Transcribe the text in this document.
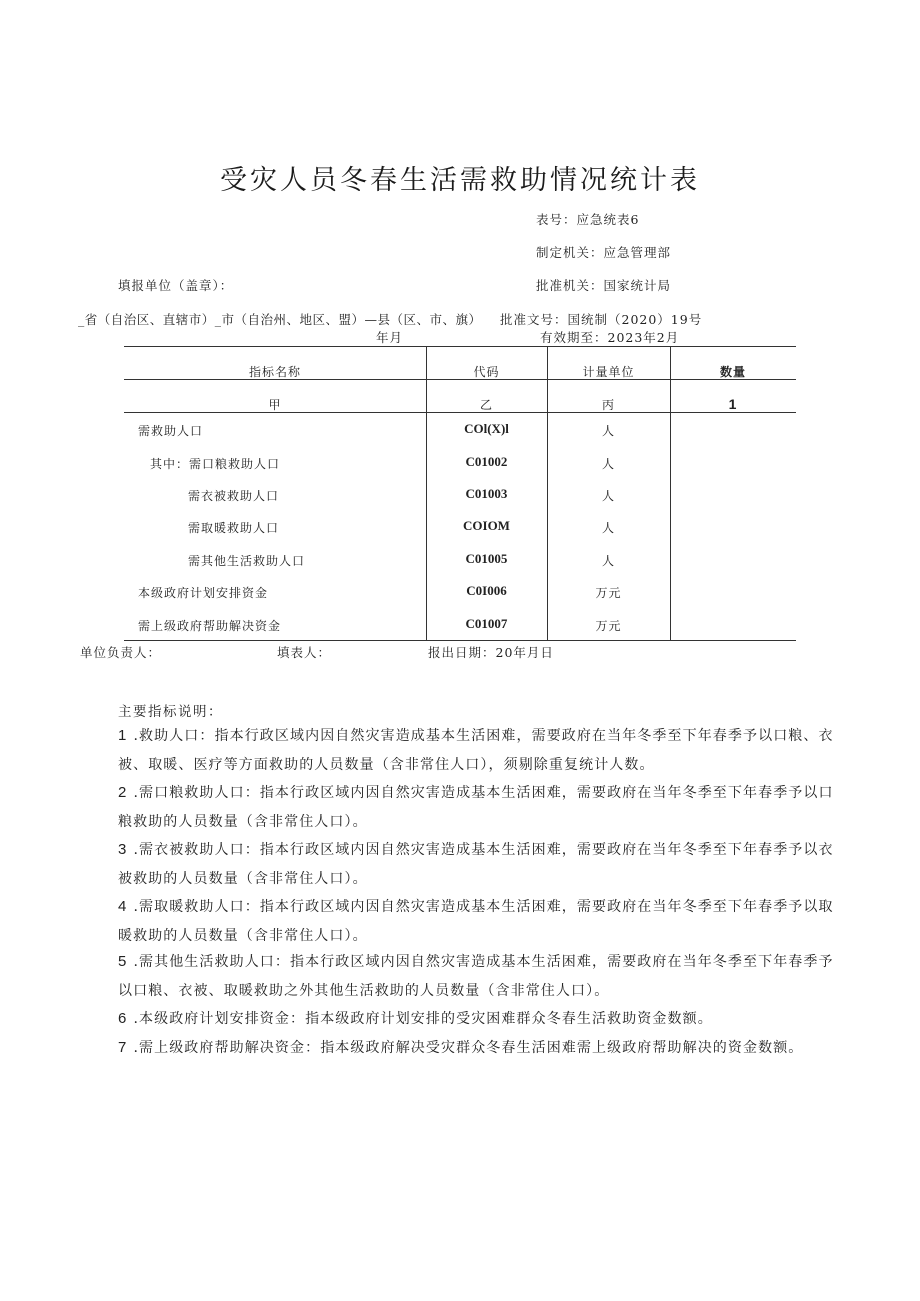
受灾人员冬春生活需救助情况统计表
表号：应急统表6
制定机关：应急管理部
填报单位（盖章）：	批准机关：国家统计局
_省（自治区、直辖市）_市（自治州、地区、盟）—县（区、市、旗） 批准文号：国统制（2020）19号
年月	有效期至：2023年2月
指标名称	代码	计量单位	数量
甲	乙	丙	1
需救助人口	COl(X)l	人
其中：需口粮救助人口	C01002	人
需衣被救助人口	C01003	人
需取暖救助人口	COIOM	人
需其他生活救助人口	C01005	人
本级政府计划安排资金	C0I006	万元
需上级政府帮助解决资金	C01007	万元
单位负责人：	填表人：	报出日期：20年月日
主要指标说明：
1 .救助人口：指本行政区域内因自然灾害造成基本生活困难，需要政府在当年冬季至下年春季予以口粮、衣被、取暖、医疗等方面救助的人员数量（含非常住人口），须剔除重复统计人数。
2 .需口粮救助人口：指本行政区域内因自然灾害造成基本生活困难，需要政府在当年冬季至下年春季予以口粮救助的人员数量（含非常住人口）。
3 .需衣被救助人口：指本行政区域内因自然灾害造成基本生活困难，需要政府在当年冬季至下年春季予以衣被救助的人员数量（含非常住人口）。
4 .需取暖救助人口：指本行政区域内因自然灾害造成基本生活困难，需要政府在当年冬季至下年春季予以取暖救助的人员数量（含非常住人口）。
5 .需其他生活救助人口：指本行政区域内因自然灾害造成基本生活困难，需要政府在当年冬季至下年春季予以口粮、衣被、取暖救助之外其他生活救助的人员数量（含非常住人口）。
6 .本级政府计划安排资金：指本级政府计划安排的受灾困难群众冬春生活救助资金数额。
7 .需上级政府帮助解决资金：指本级政府解决受灾群众冬春生活困难需上级政府帮助解决的资金数额。
